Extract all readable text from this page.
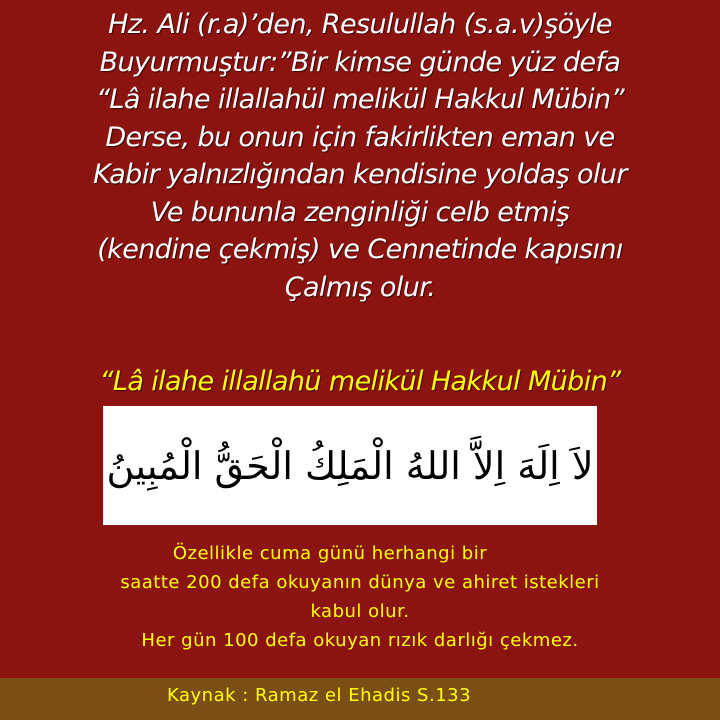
Hz. Ali (r.a)’den, Resulullah (s.a.v)şöyle
Buyurmuştur:”Bir kimse günde yüz defa
“Lâ ilahe illallahül melikül Hakkul Mübin”
Derse, bu onun için fakirlikten eman ve
Kabir yalnızlığından kendisine yoldaş olur
Ve bununla zenginliği celb etmiş
(kendine çekmiş) ve Cennetinde kapısını
Çalmış olur.
“Lâ ilahe illallahü melikül Hakkul Mübin”
لاَ اِلَهَ اِلاَّ اللهُ الْمَلِكُ الْحَقُّ الْمُبِينُ
Özellikle cuma günü herhangi bir
saatte 200 defa okuyanın dünya ve ahiret istekleri
kabul olur.
Her gün 100 defa okuyan rızık darlığı çekmez.
Kaynak : Ramaz el Ehadis S.133
